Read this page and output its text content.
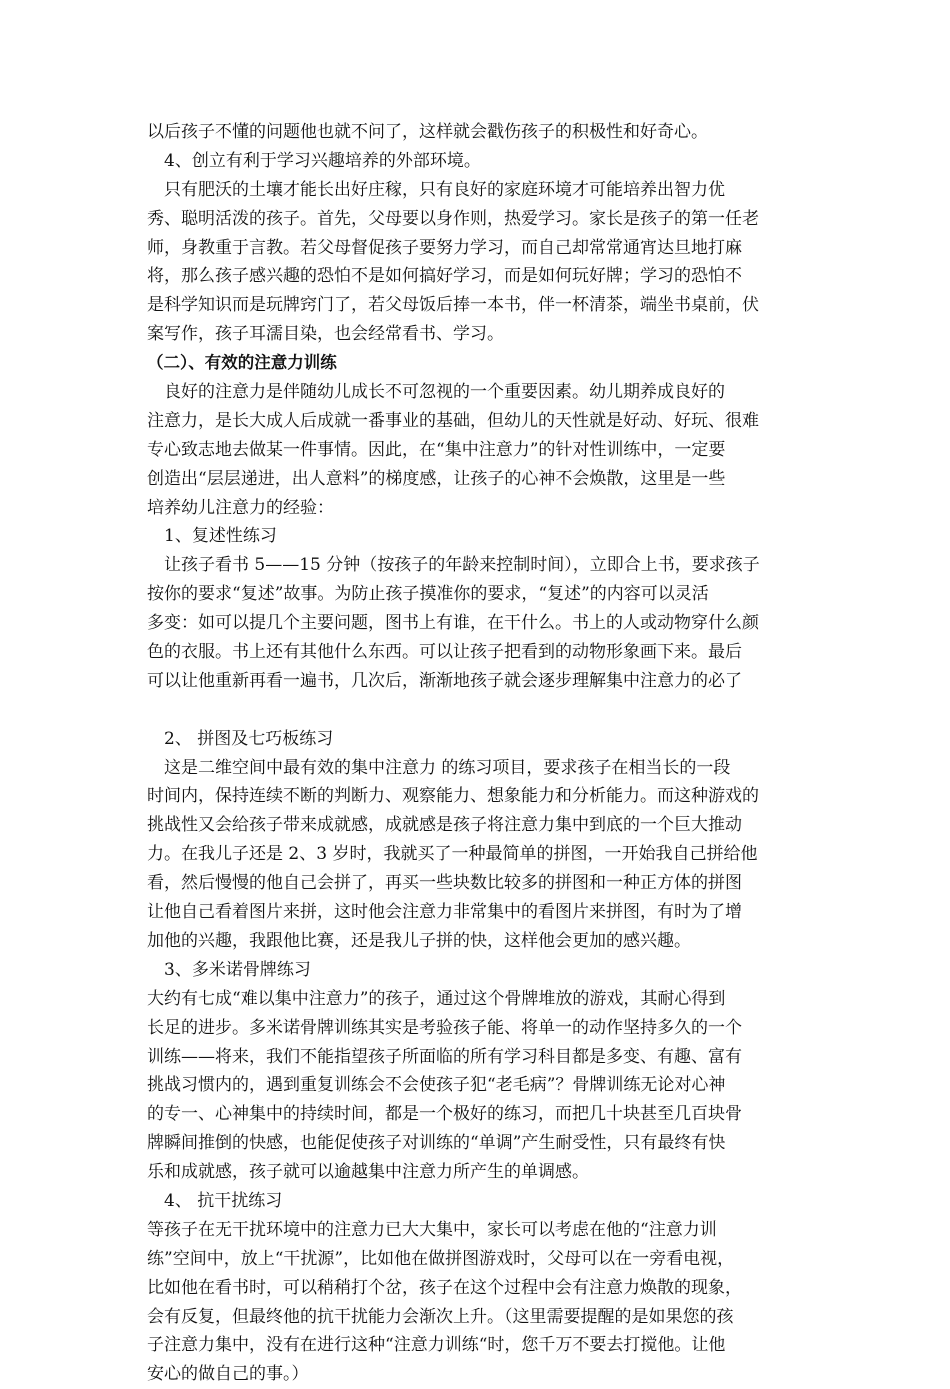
以后孩子不懂的问题他也就不问了，这样就会戳伤孩子的积极性和好奇心。
4、创立有利于学习兴趣培养的外部环境。
只有肥沃的土壤才能长出好庄稼，只有良好的家庭环境才可能培养出智力优
秀、聪明活泼的孩子。首先，父母要以身作则，热爱学习。家长是孩子的第一任老
师，身教重于言教。若父母督促孩子要努力学习，而自己却常常通宵达旦地打麻
将，那么孩子感兴趣的恐怕不是如何搞好学习，而是如何玩好牌；学习的恐怕不
是科学知识而是玩牌窍门了，若父母饭后捧一本书，伴一杯清茶，端坐书桌前，伏
案写作，孩子耳濡目染，也会经常看书、学习。
（二）、有效的注意力训练
良好的注意力是伴随幼儿成长不可忽视的一个重要因素。幼儿期养成良好的
注意力，是长大成人后成就一番事业的基础，但幼儿的天性就是好动、好玩、很难
专心致志地去做某一件事情。因此，在“集中注意力”的针对性训练中，一定要
创造出“层层递进，出人意料”的梯度感，让孩子的心神不会焕散，这里是一些
培养幼儿注意力的经验：
1、复述性练习
让孩子看书 5——15 分钟（按孩子的年龄来控制时间），立即合上书，要求孩子
按你的要求“复述”故事。为防止孩子摸准你的要求，“复述”的内容可以灵活
多变：如可以提几个主要问题，图书上有谁，在干什么。书上的人或动物穿什么颜
色的衣服。书上还有其他什么东西。可以让孩子把看到的动物形象画下来。最后
可以让他重新再看一遍书，几次后，渐渐地孩子就会逐步理解集中注意力的必了
2、 拼图及七巧板练习
这是二维空间中最有效的集中注意力 的练习项目，要求孩子在相当长的一段
时间内，保持连续不断的判断力、观察能力、想象能力和分析能力。而这种游戏的
挑战性又会给孩子带来成就感，成就感是孩子将注意力集中到底的一个巨大推动
力。在我儿子还是 2、3 岁时，我就买了一种最简单的拼图，一开始我自己拼给他
看，然后慢慢的他自己会拼了，再买一些块数比较多的拼图和一种正方体的拼图
让他自己看着图片来拼，这时他会注意力非常集中的看图片来拼图，有时为了增
加他的兴趣，我跟他比赛，还是我儿子拼的快，这样他会更加的感兴趣。
3、多米诺骨牌练习
大约有七成“难以集中注意力”的孩子，通过这个骨牌堆放的游戏，其耐心得到
长足的进步。多米诺骨牌训练其实是考验孩子能、将单一的动作坚持多久的一个
训练——将来，我们不能指望孩子所面临的所有学习科目都是多变、有趣、富有
挑战习惯内的，遇到重复训练会不会使孩子犯“老毛病”？骨牌训练无论对心神
的专一、心神集中的持续时间，都是一个极好的练习，而把几十块甚至几百块骨
牌瞬间推倒的快感，也能促使孩子对训练的“单调”产生耐受性，只有最终有快
乐和成就感，孩子就可以逾越集中注意力所产生的单调感。
4、 抗干扰练习
等孩子在无干扰环境中的注意力已大大集中，家长可以考虑在他的“注意力训
练”空间中，放上“干扰源”，比如他在做拼图游戏时，父母可以在一旁看电视，
比如他在看书时，可以稍稍打个岔，孩子在这个过程中会有注意力焕散的现象，
会有反复，但最终他的抗干扰能力会渐次上升。（这里需要提醒的是如果您的孩
子注意力集中，没有在进行这种“注意力训练“时，您千万不要去打搅他。让他
安心的做自己的事。）
